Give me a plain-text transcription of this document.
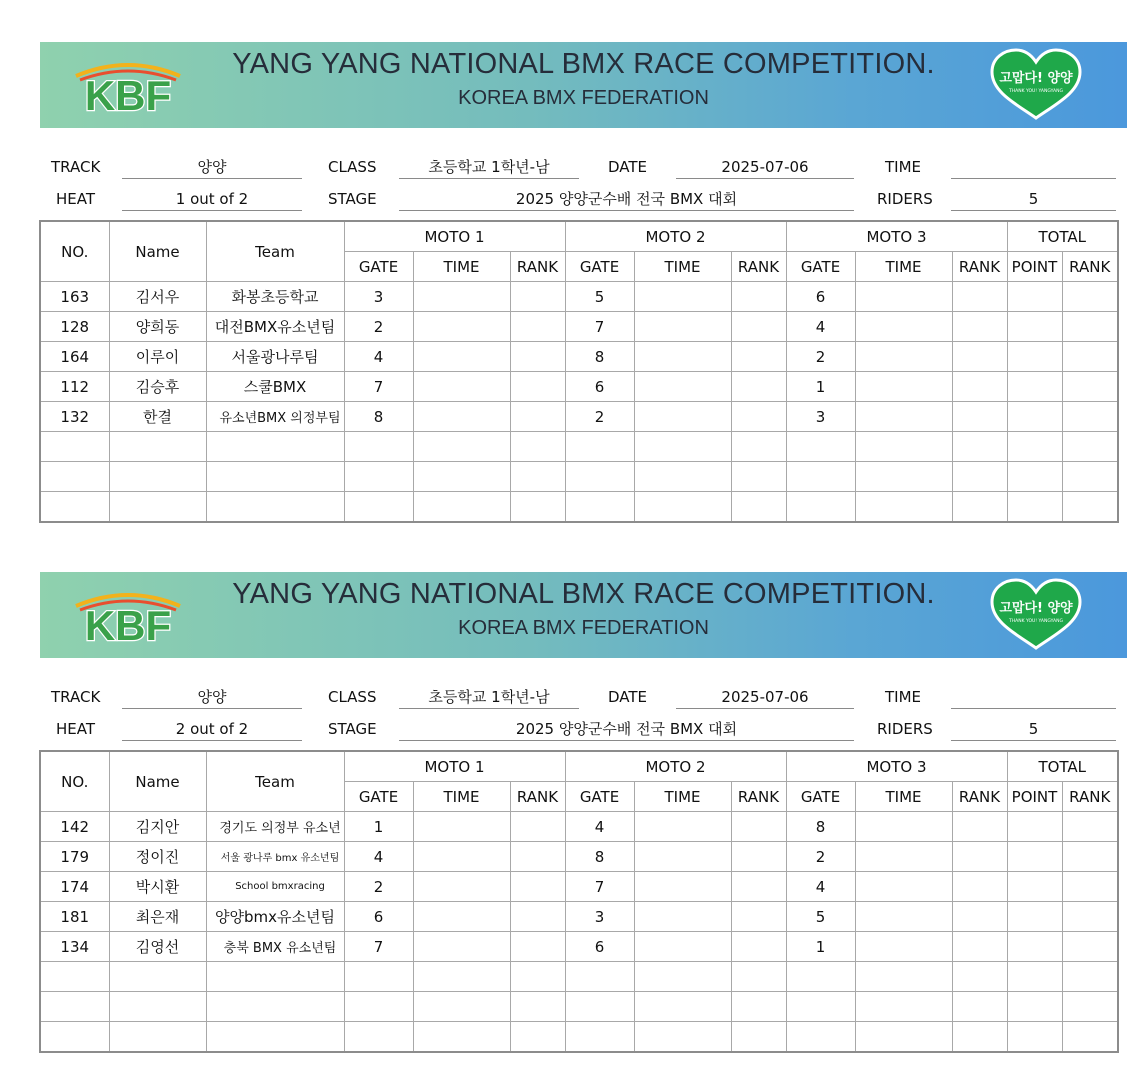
KBF
YANG YANG NATIONAL BMX RACE COMPETITION.
KOREA BMX FEDERATION
고맙다! 양양
THANK YOU! YANGYANG
TRACK	양양	CLASS	초등학교 1학년-남	DATE	2025-07-06	TIME
HEAT	1 out of 2	STAGE	2025 양양군수배 전국 BMX 대회	RIDERS	5
NO.	Name	Team	MOTO 1			MOTO 2			MOTO 3			TOTAL	
			GATE	TIME	RANK	GATE	TIME	RANK	GATE	TIME	RANK	POINT	RANK
163	김서우	화봉초등학교	3			5			6				
128	양희동	대전BMX유소년팀	2			7			4				
164	이루이	서울광나루팀	4			8			2				
112	김승후	스쿨BMX	7			6			1				
132	한결	유소년BMX 의정부팀	8			2			3				

KBF
YANG YANG NATIONAL BMX RACE COMPETITION.
KOREA BMX FEDERATION
고맙다! 양양
THANK YOU! YANGYANG
TRACK	양양	CLASS	초등학교 1학년-남	DATE	2025-07-06	TIME
HEAT	2 out of 2	STAGE	2025 양양군수배 전국 BMX 대회	RIDERS	5
NO.	Name	Team	MOTO 1			MOTO 2			MOTO 3			TOTAL	
			GATE	TIME	RANK	GATE	TIME	RANK	GATE	TIME	RANK	POINT	RANK
142	김지안	경기도 의정부 유소년	1			4			8				
179	정이진	서울 광나루 bmx 유소년팀	4			8			2				
174	박시환	School bmxracing	2			7			4				
181	최은재	양양bmx유소년팀	6			3			5				
134	김영선	충북 BMX 유소년팀	7			6			1				
